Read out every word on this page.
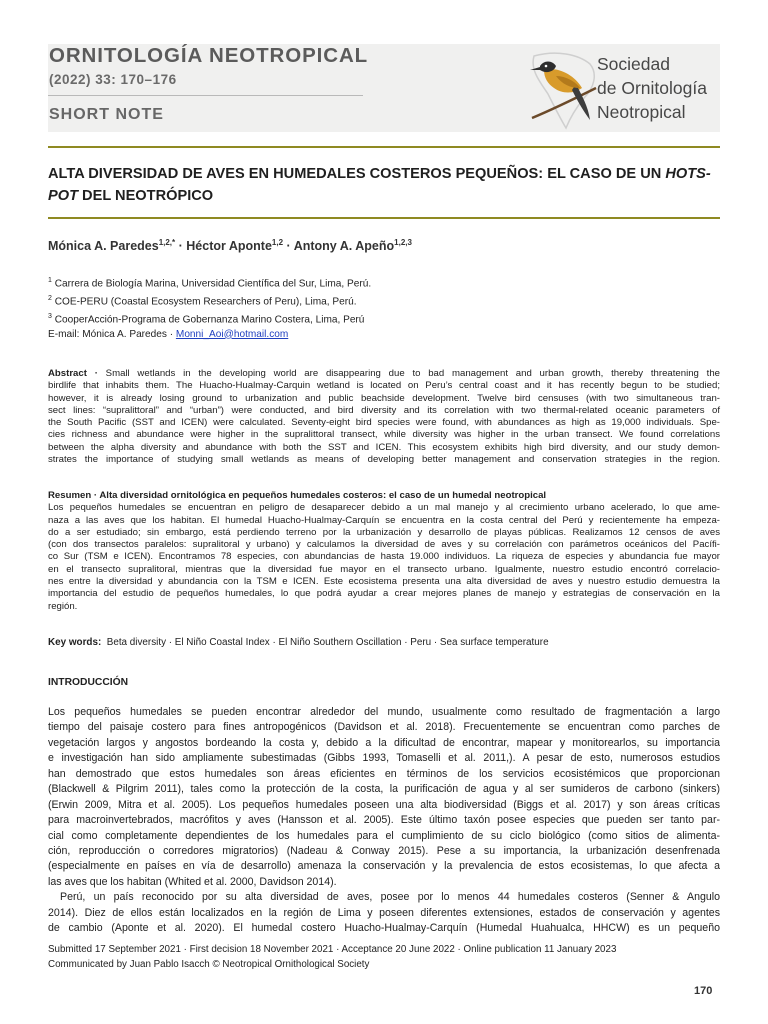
ORNITOLOGÍA NEOTROPICAL
(2022) 33: 170–176
SHORT NOTE
Sociedad
de Ornitología
Neotropical
ALTA DIVERSIDAD DE AVES EN HUMEDALES COSTEROS PEQUEÑOS: EL CASO DE UN HOTS-
POT DEL NEOTRÓPICO
Mónica A. Paredes$^{1,2,*}$ · Héctor Aponte$^{1,2}$ · Antony A. Apeño$^{1,2,3}$
$^1$ Carrera de Biología Marina, Universidad Científica del Sur, Lima, Perú.
$^2$ COE-PERU (Coastal Ecosystem Researchers of Peru), Lima, Perú.
$^3$ CooperAcción-Programa de Gobernanza Marino Costera, Lima, Perú
E-mail: Mónica A. Paredes · Monni_Aoi@hotmail.com
Abstract · Small wetlands in the developing world are disappearing due to bad management and urban growth, thereby threatening the
birdlife that inhabits them. The Huacho-Hualmay-Carquin wetland is located on Peru’s central coast and it has recently begun to be studied;
however, it is already losing ground to urbanization and public beachside development. Twelve bird censuses (with two simultaneous tran-
sect lines: “supralittoral” and “urban”) were conducted, and bird diversity and its correlation with two thermal-related oceanic parameters of
the South Pacific (SST and ICEN) were calculated. Seventy-eight bird species were found, with abundances as high as 19,000 individuals. Spe-
cies richness and abundance were higher in the supralittoral transect, while diversity was higher in the urban transect. We found correlations
between the alpha diversity and abundance with both the SST and ICEN. This ecosystem exhibits high bird diversity, and our study demon-
strates the importance of studying small wetlands as means of developing better management and conservation strategies in the region.
Resumen · Alta diversidad ornitológica en pequeños humedales costeros: el caso de un humedal neotropical
Los pequeños humedales se encuentran en peligro de desaparecer debido a un mal manejo y al crecimiento urbano acelerado, lo que ame-
naza a las aves que los habitan. El humedal Huacho-Hualmay-Carquín se encuentra en la costa central del Perú y recientemente ha empeza-
do a ser estudiado; sin embargo, está perdiendo terreno por la urbanización y desarrollo de playas públicas. Realizamos 12 censos de aves
(con dos transectos paralelos: supralitoral y urbano) y calculamos la diversidad de aves y su correlación con parámetros oceánicos del Pacífi-
co Sur (TSM e ICEN). Encontramos 78 especies, con abundancias de hasta 19.000 individuos. La riqueza de especies y abundancia fue mayor
en el transecto supralitoral, mientras que la diversidad fue mayor en el transecto urbano. Igualmente, nuestro estudio encontró correlacio-
nes entre la diversidad y abundancia con la TSM e ICEN. Este ecosistema presenta una alta diversidad de aves y nuestro estudio demuestra la
importancia del estudio de pequeños humedales, lo que podrá ayudar a crear mejores planes de manejo y estrategias de conservación en la
región.
Key words: Beta diversity · El Niño Coastal Index · El Niño Southern Oscillation · Peru · Sea surface temperature
INTRODUCCIÓN
Los pequeños humedales se pueden encontrar alrededor del mundo, usualmente como resultado de fragmentación a largo
tiempo del paisaje costero para fines antropogénicos (Davidson et al. 2018). Frecuentemente se encuentran como parches de
vegetación largos y angostos bordeando la costa y, debido a la dificultad de encontrar, mapear y monitorearlos, su importancia
e investigación han sido ampliamente subestimadas (Gibbs 1993, Tomaselli et al. 2011,). A pesar de esto, numerosos estudios
han demostrado que estos humedales son áreas eficientes en términos de los servicios ecosistémicos que proporcionan
(Blackwell & Pilgrim 2011), tales como la protección de la costa, la purificación de agua y al ser sumideros de carbono (sinkers)
(Erwin 2009, Mitra et al. 2005). Los pequeños humedales poseen una alta biodiversidad (Biggs et al. 2017) y son áreas críticas
para macroinvertebrados, macrófitos y aves (Hansson et al. 2005). Este último taxón posee especies que pueden ser tanto par-
cial como completamente dependientes de los humedales para el cumplimiento de su ciclo biológico (como sitios de alimenta-
ción, reproducción o corredores migratorios) (Nadeau & Conway 2015). Pese a su importancia, la urbanización desenfrenada
(especialmente en países en vía de desarrollo) amenaza la conservación y la prevalencia de estos ecosistemas, lo que afecta a
las aves que los habitan (Whited et al. 2000, Davidson 2014).
Perú, un país reconocido por su alta diversidad de aves, posee por lo menos 44 humedales costeros (Senner & Angulo
2014). Diez de ellos están localizados en la región de Lima y poseen diferentes extensiones, estados de conservación y agentes
de cambio (Aponte et al. 2020). El humedal costero Huacho-Hualmay-Carquín (Humedal Huahualca, HHCW) es un pequeño
Submitted 17 September 2021 · First decision 18 November 2021 · Acceptance 20 June 2022 · Online publication 11 January 2023
Communicated by Juan Pablo Isacch © Neotropical Ornithological Society
170
